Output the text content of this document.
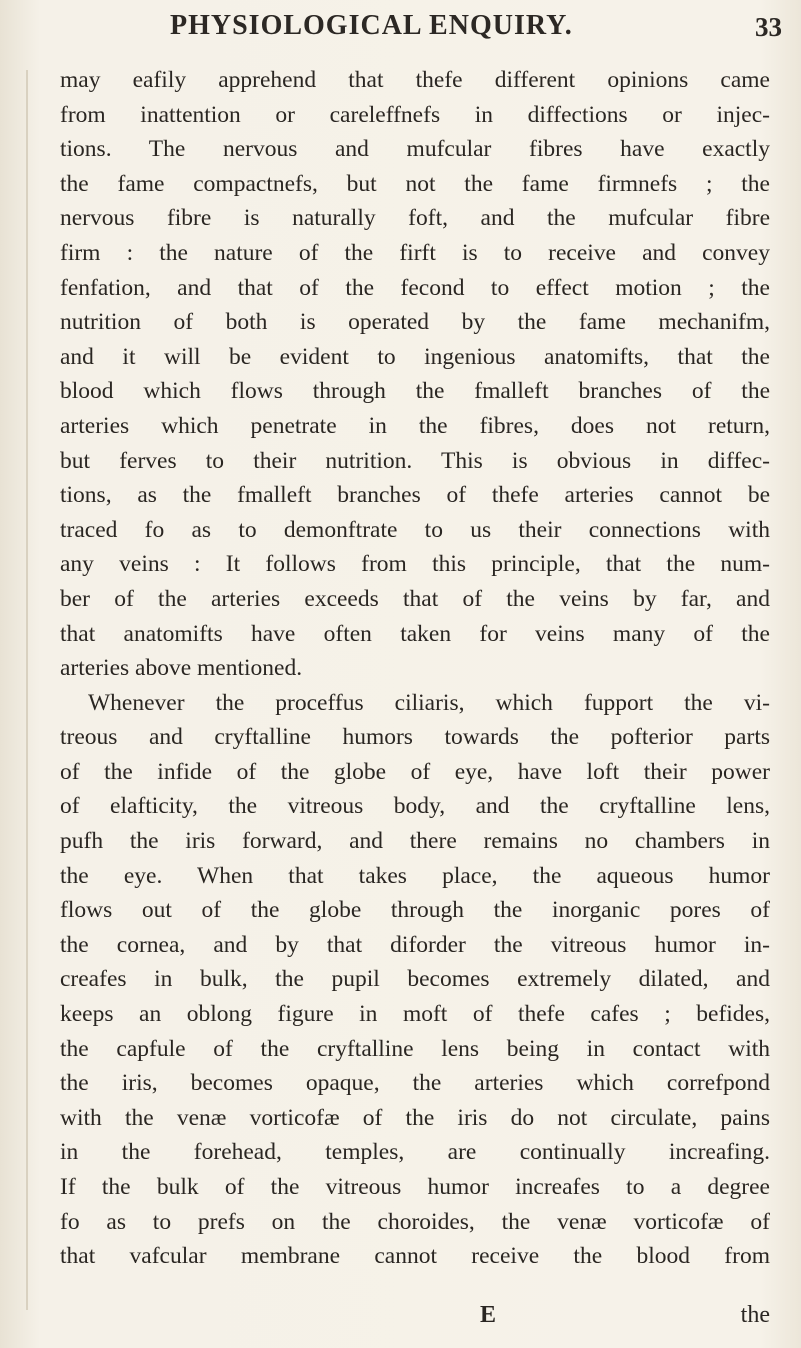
PHYSIOLOGICAL ENQUIRY.	33
may eafily apprehend that thefe different opinions came
from inattention or careleffnefs in diffections or injec-
tions. The nervous and mufcular fibres have exactly
the fame compactnefs, but not the fame firmnefs ; the
nervous fibre is naturally foft, and the mufcular fibre
firm : the nature of the firft is to receive and convey
fenfation, and that of the fecond to effect motion ; the
nutrition of both is operated by the fame mechanifm,
and it will be evident to ingenious anatomifts, that the
blood which flows through the fmalleft branches of the
arteries which penetrate in the fibres, does not return,
but ferves to their nutrition. This is obvious in diffec-
tions, as the fmalleft branches of thefe arteries cannot be
traced fo as to demonftrate to us their connections with
any veins : It follows from this principle, that the num-
ber of the arteries exceeds that of the veins by far, and
that anatomifts have often taken for veins many of the
arteries above mentioned.
Whenever the proceffus ciliaris, which fupport the vi-
treous and cryftalline humors towards the pofterior parts
of the infide of the globe of eye, have loft their power
of elafticity, the vitreous body, and the cryftalline lens,
pufh the iris forward, and there remains no chambers in
the eye. When that takes place, the aqueous humor
flows out of the globe through the inorganic pores of
the cornea, and by that diforder the vitreous humor in-
creafes in bulk, the pupil becomes extremely dilated, and
keeps an oblong figure in moft of thefe cafes ; befides,
the capfule of the cryftalline lens being in contact with
the iris, becomes opaque, the arteries which correfpond
with the venæ vorticofæ of the iris do not circulate, pains
in the forehead, temples, are continually increafing.
If the bulk of the vitreous humor increafes to a degree
fo as to prefs on the choroides, the venæ vorticofæ of
that vafcular membrane cannot receive the blood from
E	the
